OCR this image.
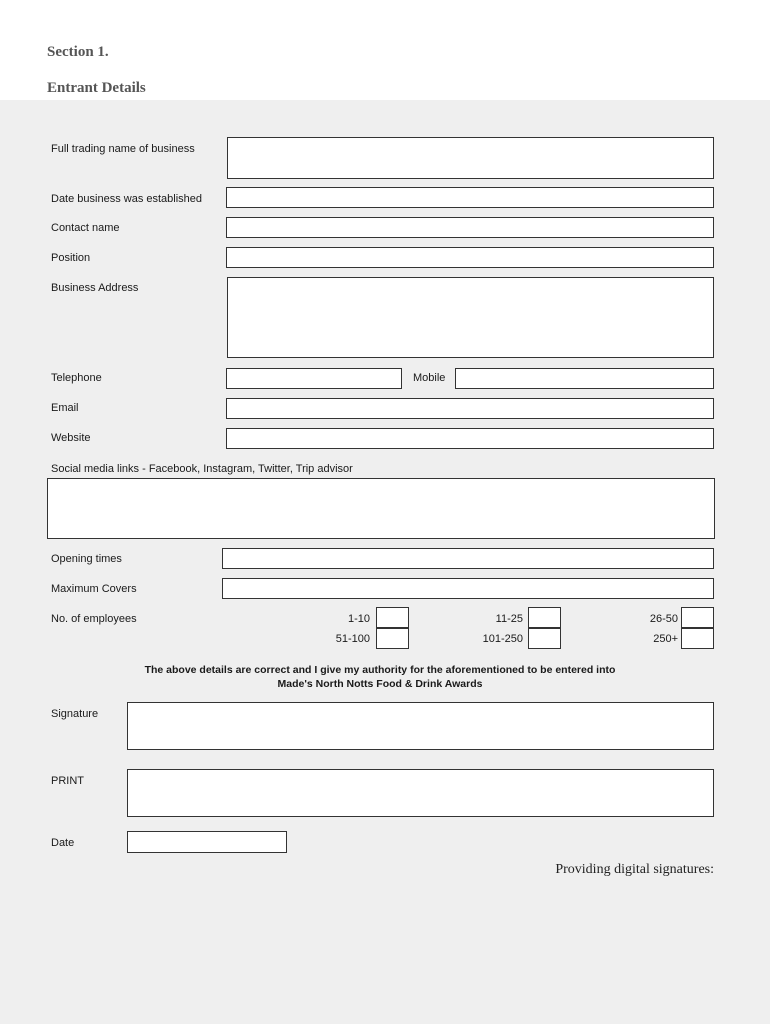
Section 1.
Entrant Details
Full trading name of business
Date business was established
Contact name
Position
Business Address
Telephone	Mobile
Email
Website
Social media links - Facebook, Instagram, Twitter, Trip advisor
Opening times
Maximum Covers
No. of employees	1-10	11-25	26-50
51-100	101-250	250+
The above details are correct and I give my authority for the aforementioned to be entered into
Made's North Notts Food & Drink Awards
Signature
PRINT
Date
Providing digital signatures:
